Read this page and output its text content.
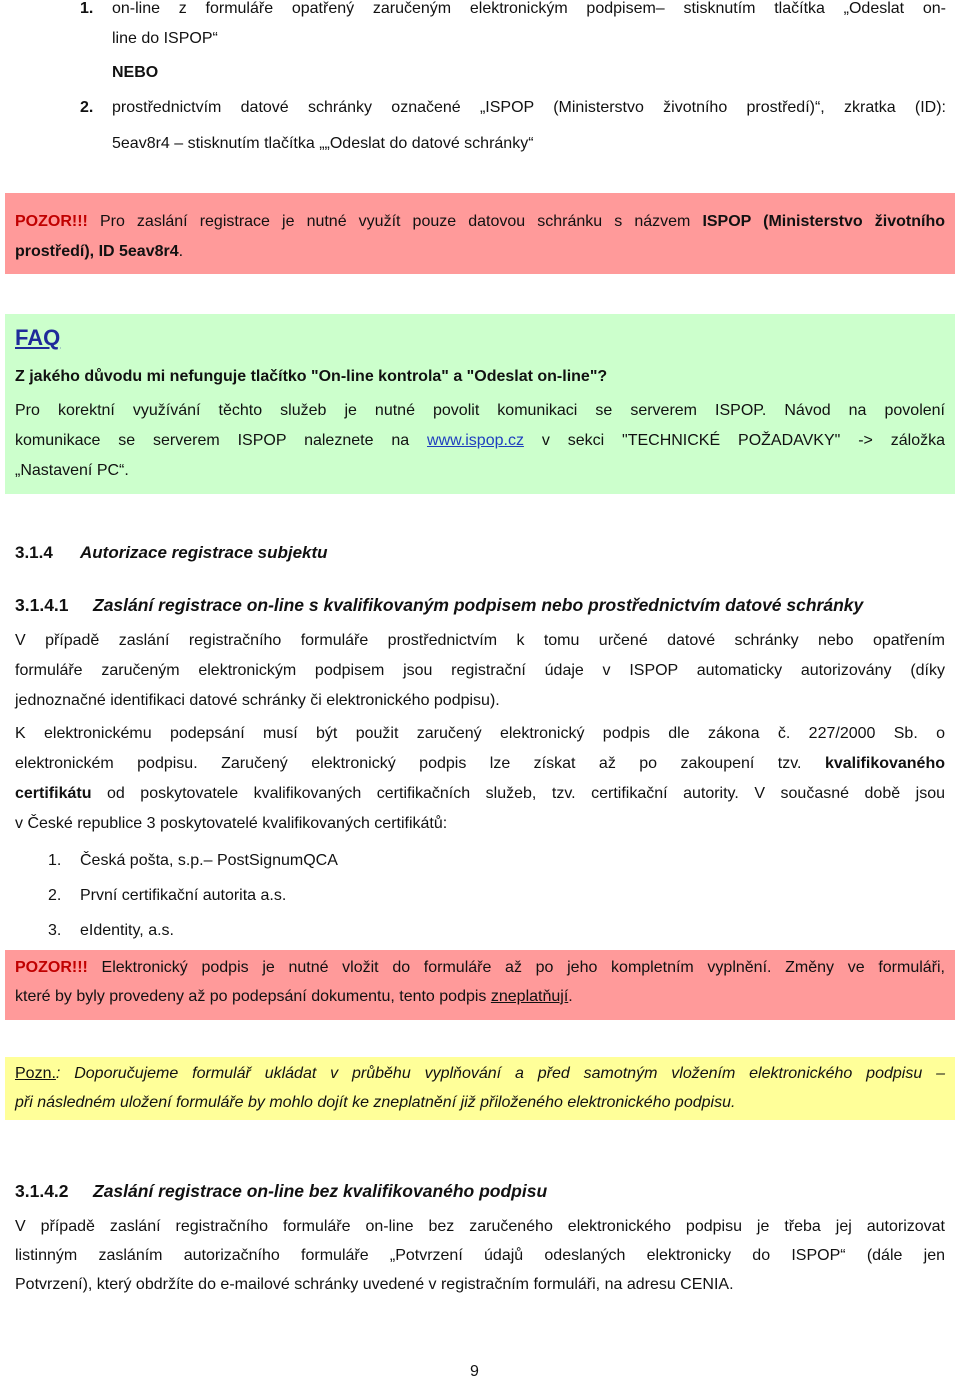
1.	on-line z formuláře opatřený zaručeným elektronickým podpisem– stisknutím tlačítka „Odeslat on-
line do ISPOP“
NEBO
2.	prostřednictvím datové schránky označené „ISPOP (Ministerstvo životního prostředí)“, zkratka (ID):
5eav8r4 – stisknutím tlačítka „„Odeslat do datové schránky“
POZOR!!! Pro zaslání registrace je nutné využít pouze datovou schránku s názvem ISPOP (Ministerstvo životního
prostředí), ID 5eav8r4.
FAQ
Z jakého důvodu mi nefunguje tlačítko "On-line kontrola" a "Odeslat on-line"?
Pro korektní využívání těchto služeb je nutné povolit komunikaci se serverem ISPOP. Návod na povolení
komunikace se serverem ISPOP naleznete na www.ispop.cz v sekci "TECHNICKÉ POŽADAVKY" -> záložka
„Nastavení PC“.
3.1.4 Autorizace registrace subjektu
3.1.4.1 Zaslání registrace on-line s kvalifikovaným podpisem nebo prostřednictvím datové schránky
V případě zaslání registračního formuláře prostřednictvím k tomu určené datové schránky nebo opatřením
formuláře zaručeným elektronickým podpisem jsou registrační údaje v ISPOP automaticky autorizovány (díky
jednoznačné identifikaci datové schránky či elektronického podpisu).
K elektronickému podepsání musí být použit zaručený elektronický podpis dle zákona č. 227/2000 Sb. o
elektronickém podpisu. Zaručený elektronický podpis lze získat až po zakoupení tzv. kvalifikovaného
certifikátu od poskytovatele kvalifikovaných certifikačních služeb, tzv. certifikační autority. V současné době jsou
v České republice 3 poskytovatelé kvalifikovaných certifikátů:
1. Česká pošta, s.p.– PostSignumQCA
2. První certifikační autorita a.s.
3. eIdentity, a.s.
POZOR!!! Elektronický podpis je nutné vložit do formuláře až po jeho kompletním vyplnění. Změny ve formuláři,
které by byly provedeny až po podepsání dokumentu, tento podpis zneplatňují.
Pozn.: Doporučujeme formulář ukládat v průběhu vyplňování a před samotným vložením elektronického podpisu –
při následném uložení formuláře by mohlo dojít ke zneplatnění již přiloženého elektronického podpisu.
3.1.4.2 Zaslání registrace on-line bez kvalifikovaného podpisu
V případě zaslání registračního formuláře on-line bez zaručeného elektronického podpisu je třeba jej autorizovat
listinným zasláním autorizačního formuláře „Potvrzení údajů odeslaných elektronicky do ISPOP“ (dále jen
Potvrzení), který obdržíte do e-mailové schránky uvedené v registračním formuláři, na adresu CENIA.
9
